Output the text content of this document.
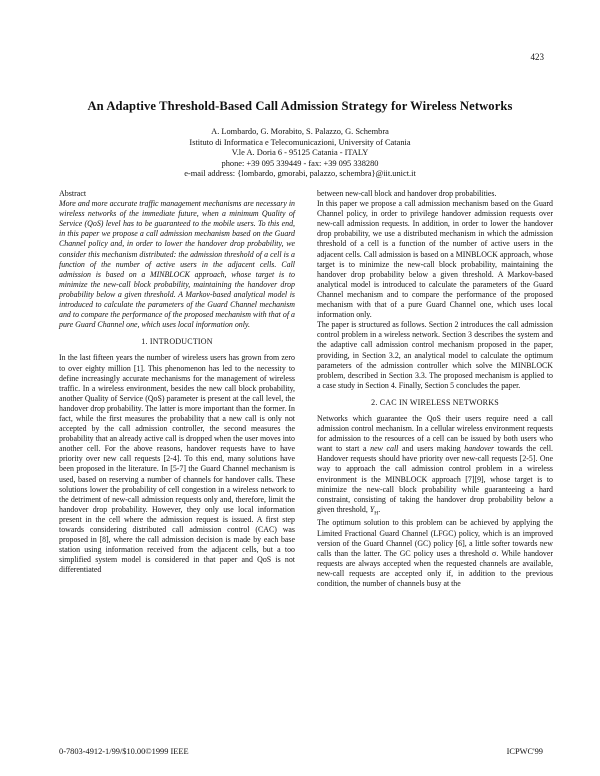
423
An Adaptive Threshold-Based Call Admission Strategy for Wireless Networks
A. Lombardo, G. Morabito, S. Palazzo, G. Schembra
Istituto di Informatica e Telecomunicazioni, University of Catania
V.le A. Doria 6 - 95125 Catania - ITALY
phone: +39 095 339449 - fax: +39 095 338280
e-mail address: {lombardo, gmorabi, palazzo, schembra}@iit.unict.it

Abstract

More and more accurate traffic management mechanisms are necessary in wireless networks of the immediate future, when a minimum Quality of Service (QoS) level has to be guaranteed to the mobile users. To this end, in this paper we propose a call admission mechanism based on the Guard Channel policy and, in order to lower the handover drop probability, we consider this mechanism distributed: the admission threshold of a cell is a function of the number of active users in the adjacent cells. Call admission is based on a MINBLOCK approach, whose target is to minimize the new-call block probability, maintaining the handover drop probability below a given threshold. A Markov-based analytical model is introduced to calculate the parameters of the Guard Channel mechanism and to compare the performance of the proposed mechanism with that of a pure Guard Channel one, which uses local information only.

1. INTRODUCTION

In the last fifteen years the number of wireless users has grown from zero to over eighty million [1]. This phenomenon has led to the necessity to define increasingly accurate mechanisms for the management of wireless traffic. In a wireless environment, besides the new call block probability, another Quality of Service (QoS) parameter is present at the call level, the handover drop probability. The latter is more important than the former. In fact, while the first measures the probability that a new call is only not accepted by the call admission controller, the second measures the probability that an already active call is dropped when the user moves into another cell. For the above reasons, handover requests have to have priority over new call requests [2-4]. To this end, many solutions have been proposed in the literature. In [5-7] the Guard Channel mechanism is used, based on reserving a number of channels for handover calls. These solutions lower the probability of cell congestion in a wireless network to the detriment of new-call admission requests only and, therefore, limit the handover drop probability. However, they only use local information present in the cell where the admission request is issued. A first step towards considering distributed call admission control (CAC) was proposed in [8], where the call admission decision is made by each base station using information received from the adjacent cells, but a too simplified system model is considered in that paper and QoS is not differentiated

between new-call block and handover drop probabilities.

In this paper we propose a call admission mechanism based on the Guard Channel policy, in order to privilege handover admission requests over new-call admission requests. In addition, in order to lower the handover drop probability, we use a distributed mechanism in which the admission threshold of a cell is a function of the number of active users in the adjacent cells. Call admission is based on a MINBLOCK approach, whose target is to minimize the new-call block probability, maintaining the handover drop probability below a given threshold. A Markov-based analytical model is introduced to calculate the parameters of the Guard Channel mechanism and to compare the performance of the proposed mechanism with that of a pure Guard Channel one, which uses local information only.

The paper is structured as follows. Section 2 introduces the call admission control problem in a wireless network. Section 3 describes the system and the adaptive call admission control mechanism proposed in the paper, providing, in Section 3.2, an analytical model to calculate the optimum parameters of the admission controller which solve the MINBLOCK problem, described in Section 3.3. The proposed mechanism is applied to a case study in Section 4. Finally, Section 5 concludes the paper.

2. CAC IN WIRELESS NETWORKS

Networks which guarantee the QoS their users require need a call admission control mechanism. In a cellular wireless environment requests for admission to the resources of a cell can be issued by both users who want to start a new call and users making handover towards the cell. Handover requests should have priority over new-call requests [2-5]. One way to approach the call admission control problem in a wireless environment is the MINBLOCK approach [7][9], whose target is to minimize the new-call block probability while guaranteeing a hard constraint, consisting of taking the handover drop probability below a given threshold, $Y_H$.

The optimum solution to this problem can be achieved by applying the Limited Fractional Guard Channel (LFGC) policy, which is an improved version of the Guard Channel (GC) policy [6], a little softer towards new calls than the latter. The GC policy uses a threshold σ. While handover requests are always accepted when the requested channels are available, new-call requests are accepted only if, in addition to the previous condition, the number of channels busy at the

0-7803-4912-1/99/$10.00©1999 IEEE	ICPWC'99
